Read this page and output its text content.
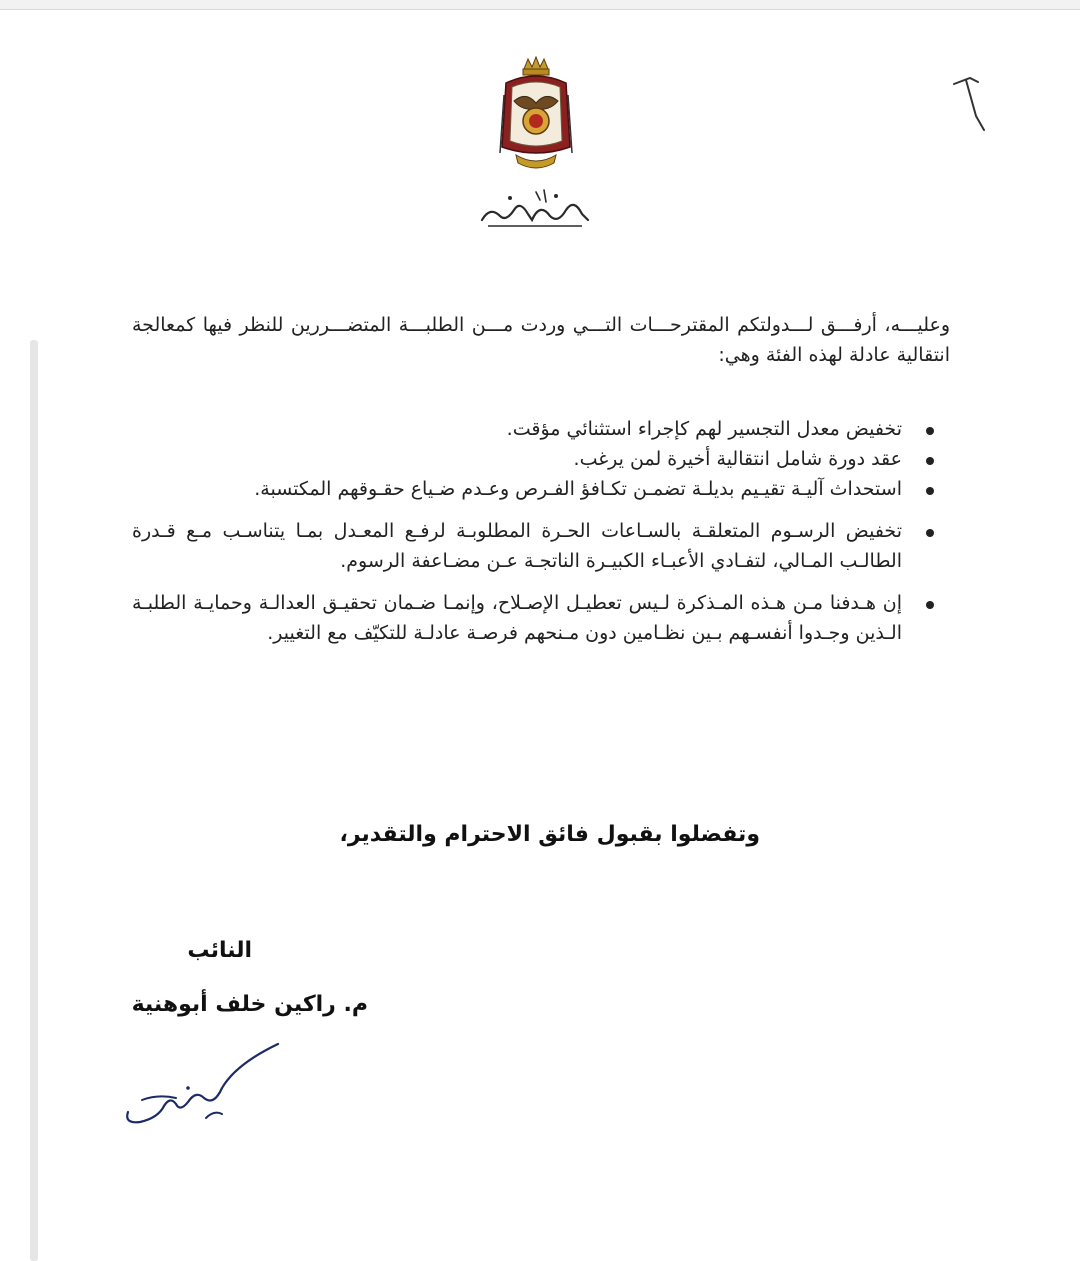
وعليـــه، أرفـــق لـــدولتكم المقترحـــات التـــي وردت مـــن الطلبـــة المتضـــررين للنظر فيها كمعالجة انتقالية عادلة لهذه الفئة وهي:
تخفيض معدل التجسير لهم كإجراء استثنائي مؤقت.
عقد دورة شامل انتقالية أخيرة لمن يرغب.
استحداث آليـة تقيـيم بديلـة تضمـن تكـافؤ الفـرص وعـدم ضـياع حقـوقهم المكتسبة.
تخفيض الرسـوم المتعلقـة بالسـاعات الحـرة المطلوبـة لرفـع المعـدل بمـا يتناسـب مـع قـدرة الطالـب المـالي، لتفـادي الأعبـاء الكبيـرة الناتجـة عـن مضـاعفة الرسوم.
إن هـدفنا مـن هـذه المـذكرة لـيس تعطيـل الإصـلاح، وإنمـا ضـمان تحقيـق العدالـة وحمايـة الطلبـة الـذين وجـدوا أنفسـهم بـين نظـامين دون مـنحهم فرصـة عادلـة للتكيّف مع التغيير.
وتفضلوا بقبول فائق الاحترام والتقدير،
النائب
م. راكين خلف أبوهنية
